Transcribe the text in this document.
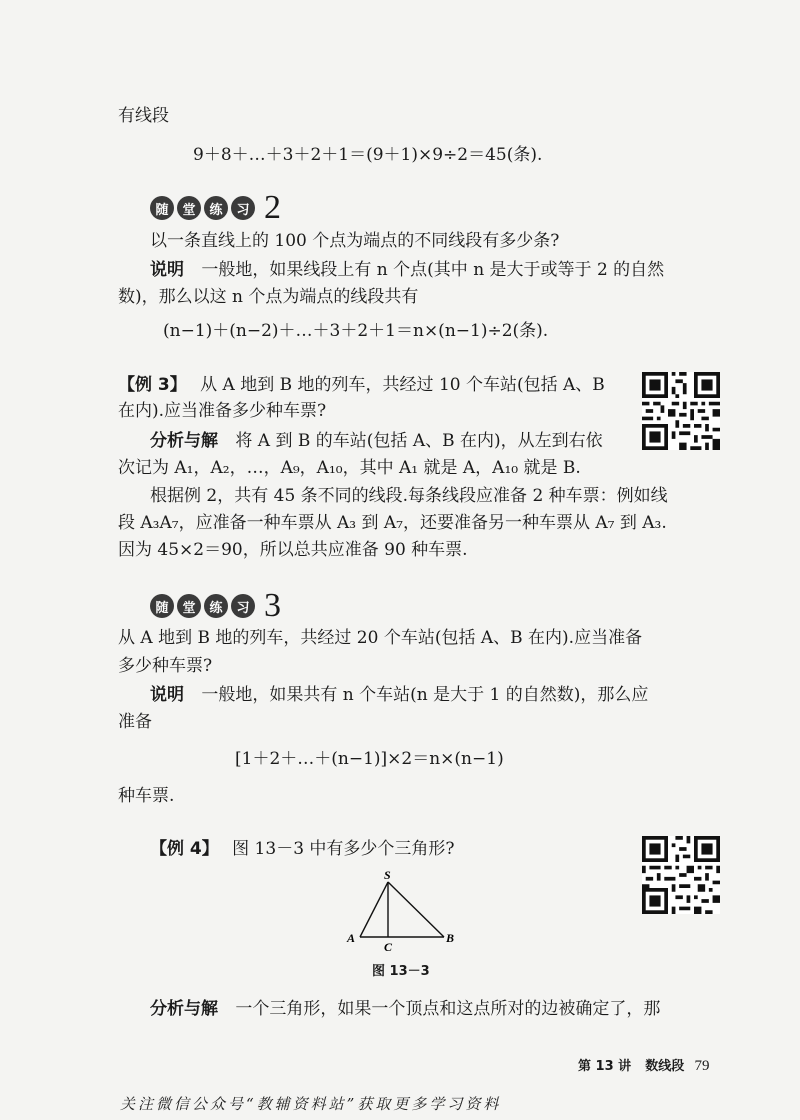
有线段
9＋8＋…＋3＋2＋1＝(9＋1)×9÷2＝45(条).
随	堂	练	习 2
以一条直线上的 100 个点为端点的不同线段有多少条?
说明 一般地，如果线段上有 n 个点(其中 n 是大于或等于 2 的自然
数)，那么以这 n 个点为端点的线段共有
(n−1)＋(n−2)＋…＋3＋2＋1＝n×(n−1)÷2(条).
【例 3】 从 A 地到 B 地的列车，共经过 10 个车站(包括 A、B
在内).应当准备多少种车票?
分析与解 将 A 到 B 的车站(包括 A、B 在内)，从左到右依
次记为 A₁，A₂，…，A₉，A₁₀，其中 A₁ 就是 A，A₁₀ 就是 B.
根据例 2，共有 45 条不同的线段.每条线段应准备 2 种车票：例如线
段 A₃A₇，应准备一种车票从 A₃ 到 A₇，还要准备另一种车票从 A₇ 到 A₃.
因为 45×2＝90，所以总共应准备 90 种车票.
随	堂	练	习 3
从 A 地到 B 地的列车，共经过 20 个车站(包括 A、B 在内).应当准备
多少种车票?
说明 一般地，如果共有 n 个车站(n 是大于 1 的自然数)，那么应
准备
[1＋2＋…＋(n−1)]×2＝n×(n−1)
种车票.
【例 4】 图 13－3 中有多少个三角形?
S
A
C
B
图 13－3
分析与解 一个三角形，如果一个顶点和这点所对的边被确定了，那
第 13 讲 数线段 79
关注微信公众号“教辅资料站”获取更多学习资料
